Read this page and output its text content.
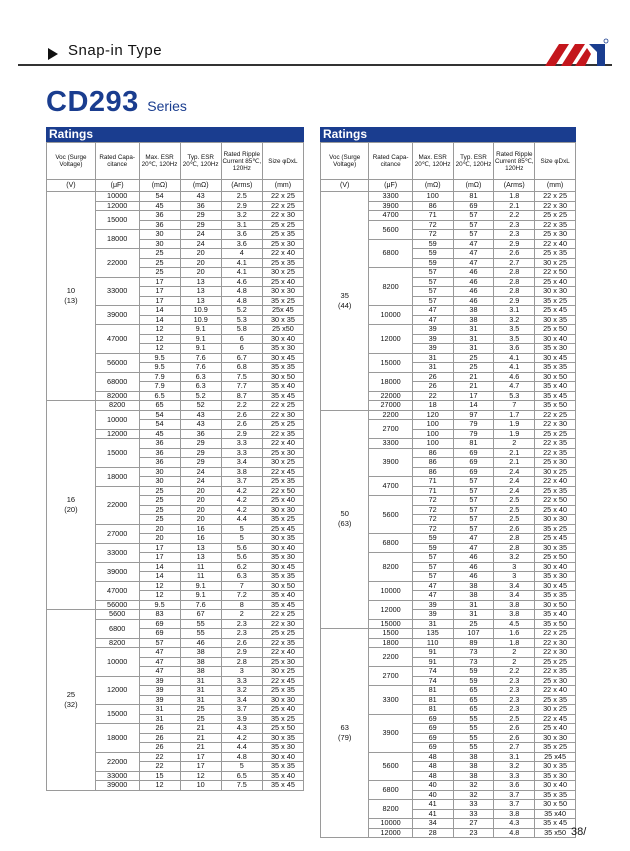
Snap-in Type
CD293 Series
Ratings
Voc (Surge Voltage)	Rated Capa- citance	Max. ESR 20℃, 120Hz	Typ. ESR 20℃, 120Hz	Rated Ripple Current 85℃, 120Hz	Size φDxL
(V)	(μF)	(mΩ)	(mΩ)	(Arms)	(mm)

10
(13)	10000	54	43	2.5	22 x 25
	12000	45	36	2.9	22 x 25
	15000	36	29	3.2	22 x 30
		36	29	3.1	25 x 25
	18000	30	24	3.6	25 x 35
		30	24	3.6	25 x 30
	22000	25	20	4	22 x 40
		25	20	4.1	25 x 35
		25	20	4.1	30 x 25
	33000	17	13	4.6	25 x 40
		17	13	4.8	30 x 30
		17	13	4.8	35 x 25
	39000	14	10.9	5.2	25x 45
		14	10.9	5.3	30 x 35
	47000	12	9.1	5.8	25 x50
		12	9.1	6	30 x 40
		12	9.1	6	35 x 30
	56000	9.5	7.6	6.7	30 x 45
		9.5	7.6	6.8	35 x 35
	68000	7.9	6.3	7.5	30 x 50
		7.9	6.3	7.7	35 x 40
	82000	6.5	5.2	8.7	35 x 45

16
(20)	8200	65	52	2.2	22 x 25
	10000	54	43	2.6	22 x 30
		54	43	2.6	25 x 25
	12000	45	36	2.9	22 x 35
	15000	36	29	3.3	22 x 40
		36	29	3.3	25 x 30
		36	29	3.4	30 x 25
	18000	30	24	3.8	22 x 45
		30	24	3.7	25 x 35
	22000	25	20	4.2	22 x 50
		25	20	4.2	25 x 40
		25	20	4.2	30 x 30
		25	20	4.4	35 x 25
	27000	20	16	5	25 x 45
		20	16	5	30 x 35
	33000	17	13	5.6	30 x 40
		17	13	5.6	35 x 30
	39000	14	11	6.2	30 x 45
		14	11	6.3	35 x 35
	47000	12	9.1	7	30 x 50
		12	9.1	7.2	35 x 40
	56000	9.5	7.6	8	35 x 45

25
(32)	5600	83	67	2	22 x 25
	6800	69	55	2.3	22 x 30
		69	55	2.3	25 x 25
	8200	57	46	2.6	22 x 35
	10000	47	38	2.9	22 x 40
		47	38	2.8	25 x 30
		47	38	3	30 x 25
	12000	39	31	3.3	22 x 45
		39	31	3.2	25 x 35
		39	31	3.4	30 x 30
	15000	31	25	3.7	25 x 40
		31	25	3.9	35 x 25
	18000	26	21	4.3	25 x 50
		26	21	4.2	30 x 35
		26	21	4.4	35 x 30
	22000	22	17	4.8	30 x 40
		22	17	5	35 x 35
	33000	15	12	6.5	35 x 40
	39000	12	10	7.5	35 x 45
Ratings
Voc (Surge Voltage)	Rated Capa- citance	Max. ESR 20℃, 120Hz	Typ. ESR 20℃, 120Hz	Rated Ripple Current 85℃, 120Hz	Size φDxL
(V)	(μF)	(mΩ)	(mΩ)	(Arms)	(mm)

35
(44)	3300	100	81	1.8	22 x 25
	3900	86	69	2.1	22 x 30
	4700	71	57	2.2	25 x 25
	5600	72	57	2.3	22 x 35
		72	57	2.3	25 x 30
	6800	59	47	2.9	22 x 40
		59	47	2.6	25 x 35
		59	47	2.7	30 x 25
	8200	57	46	2.8	22 x 50
		57	46	2.8	25 x 40
		57	46	2.8	30 x 30
		57	46	2.9	35 x 25
	10000	47	38	3.1	25 x 45
		47	38	3.2	30 x 35
	12000	39	31	3.5	25 x 50
		39	31	3.5	30 x 40
		39	31	3.6	35 x 30
	15000	31	25	4.1	30 x 45
		31	25	4.1	35 x 35
	18000	26	21	4.6	30 x 50
		26	21	4.7	35 x 40
	22000	22	17	5.3	35 x 45
	27000	18	14	7	35 x 50

50
(63)	2200	120	97	1.7	22 x 25
	2700	100	79	1.9	22 x 30
		100	79	1.9	25 x 25
	3300	100	81	2	22 x 35
	3900	86	69	2.1	22 x 35
		86	69	2.1	25 x 30
		86	69	2.4	30 x 25
	4700	71	57	2.4	22 x 40
		71	57	2.4	25 x 35
	5600	72	57	2.5	22 x 50
		72	57	2.5	25 x 40
		72	57	2.5	30 x 30
		72	57	2.6	35 x 25
	6800	59	47	2.8	25 x 45
		59	47	2.8	30 x 35
	8200	57	46	3.2	25 x 50
		57	46	3	30 x 40
		57	46	3	35 x 30
	10000	47	38	3.4	30 x 45
		47	38	3.4	35 x 35
	12000	39	31	3.8	30 x 50
		39	31	3.8	35 x 40
	15000	31	25	4.5	35 x 50

63
(79)	1500	135	107	1.6	22 x 25
	1800	110	89	1.8	22 x 30
	2200	91	73	2	22 x 30
		91	73	2	25 x 25
	2700	74	59	2.2	22 x 35
		74	59	2.3	25 x 30
	3300	81	65	2.3	22 x 40
		81	65	2.3	25 x 35
		81	65	2.3	30 x 25
	3900	69	55	2.5	22 x 45
		69	55	2.6	25 x 40
		69	55	2.6	30 x 30
		69	55	2.7	35 x 25
	5600	48	38	3.1	25 x45
		48	38	3.2	30 x 35
		48	38	3.3	35 x 30
	6800	40	32	3.6	30 x 40
		40	32	3.7	35 x 35
	8200	41	33	3.7	30 x 50
		41	33	3.8	35 x40
	10000	34	27	4.3	35 x 45
	12000	28	23	4.8	35 x50 38/
